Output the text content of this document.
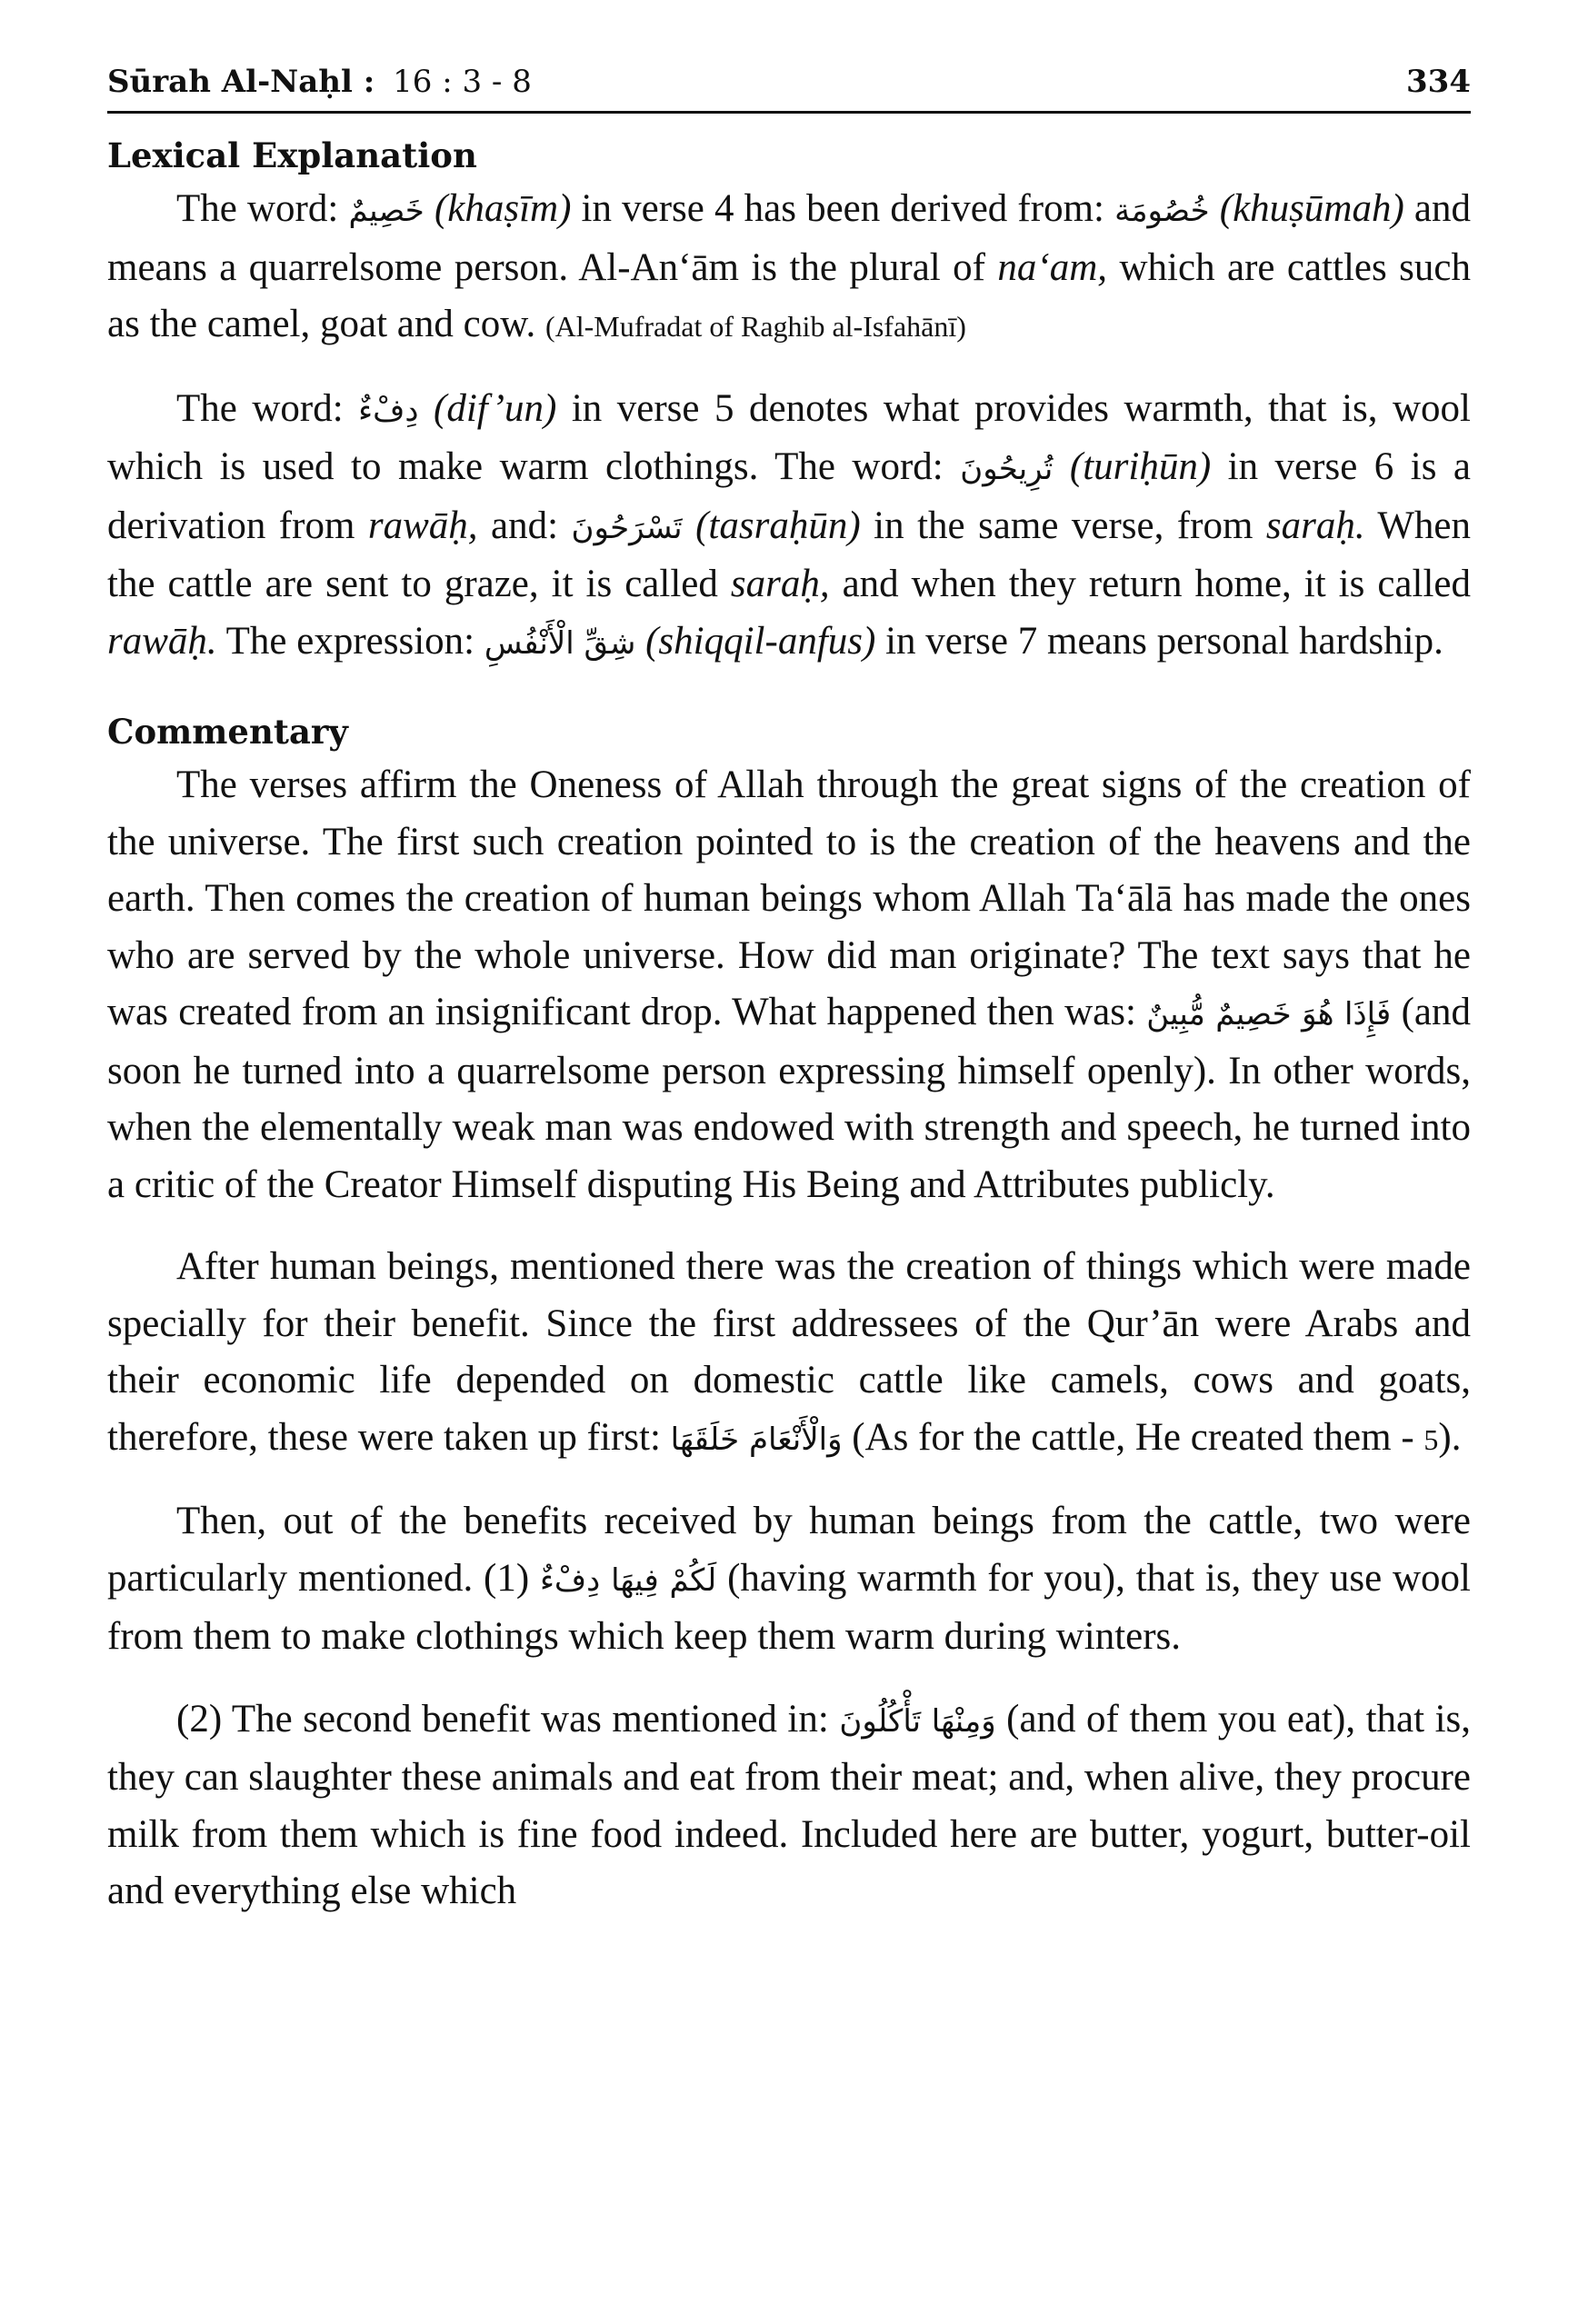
Sūrah Al-Naḥl : 16 : 3 - 8	334
Lexical Explanation

The word: خَصِيمٌ (khaṣīm) in verse 4 has been derived from: خُصُومَة (khuṣūmah) and means a quarrelsome person. Al-An‘ām is the plural of na‘am, which are cattles such as the camel, goat and cow. (Al-Mufradat of Raghib al-Isfahānī)

The word: دِفْءٌ (dif’un) in verse 5 denotes what provides warmth, that is, wool which is used to make warm clothings. The word: تُرِيحُونَ (turiḥūn) in verse 6 is a derivation from rawāḥ, and: تَسْرَحُونَ (tasraḥūn) in the same verse, from saraḥ. When the cattle are sent to graze, it is called saraḥ, and when they return home, it is called rawāḥ. The expression: شِقِّ الْأَنْفُسِ (shiqqil-anfus) in verse 7 means personal hardship.

Commentary

The verses affirm the Oneness of Allah through the great signs of the creation of the universe. The first such creation pointed to is the creation of the heavens and the earth. Then comes the creation of human beings whom Allah Ta‘ālā has made the ones who are served by the whole universe. How did man originate? The text says that he was created from an insignificant drop. What happened then was: فَإِذَا هُوَ خَصِيمٌ مُّبِينٌ (and soon he turned into a quarrelsome person expressing himself openly). In other words, when the elementally weak man was endowed with strength and speech, he turned into a critic of the Creator Himself disputing His Being and Attributes publicly.

After human beings, mentioned there was the creation of things which were made specially for their benefit. Since the first addressees of the Qur’ān were Arabs and their economic life depended on domestic cattle like camels, cows and goats, therefore, these were taken up first: وَالْأَنْعَامَ خَلَقَهَا (As for the cattle, He created them - 5).

Then, out of the benefits received by human beings from the cattle, two were particularly mentioned. (1) لَكُمْ فِيهَا دِفْءٌ (having warmth for you), that is, they use wool from them to make clothings which keep them warm during winters.

(2) The second benefit was mentioned in: وَمِنْهَا تَأْكُلُونَ (and of them you eat), that is, they can slaughter these animals and eat from their meat; and, when alive, they procure milk from them which is fine food indeed. Included here are butter, yogurt, butter-oil and everything else which
